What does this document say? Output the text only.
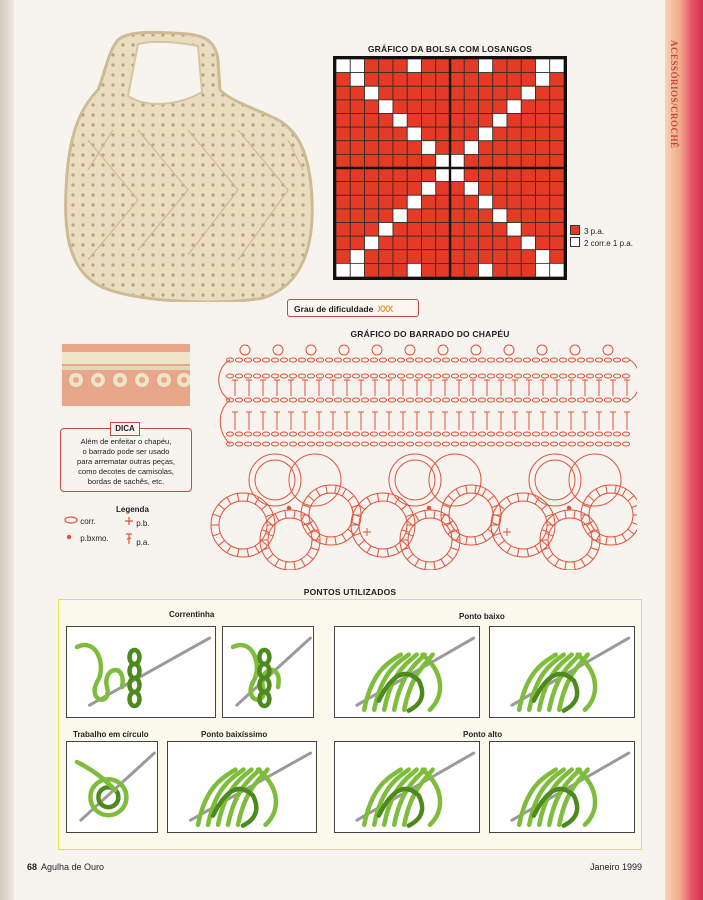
ACESSÓRIOS/CROCHÊ
GRÁFICO DA BOLSA COM LOSANGOS
3 p.a.
2 corr.e 1 p.a.
Grau de dificuldade XXX
Além de enfeitar o chapéu,
o barrado pode ser usado
para arrematar outras peças,
como decotes de camisolas,
bordas de sachês, etc.
DICA
Legenda
corr.	p.b.
p.bxmo.	p.a.
GRÁFICO DO BARRADO DO CHAPÉU
PONTOS UTILIZADOS
Correntinha	Ponto baixo
Trabalho em círculo	Ponto baixíssimo	Ponto alto
68 Agulha de Ouro	Janeiro 1999
